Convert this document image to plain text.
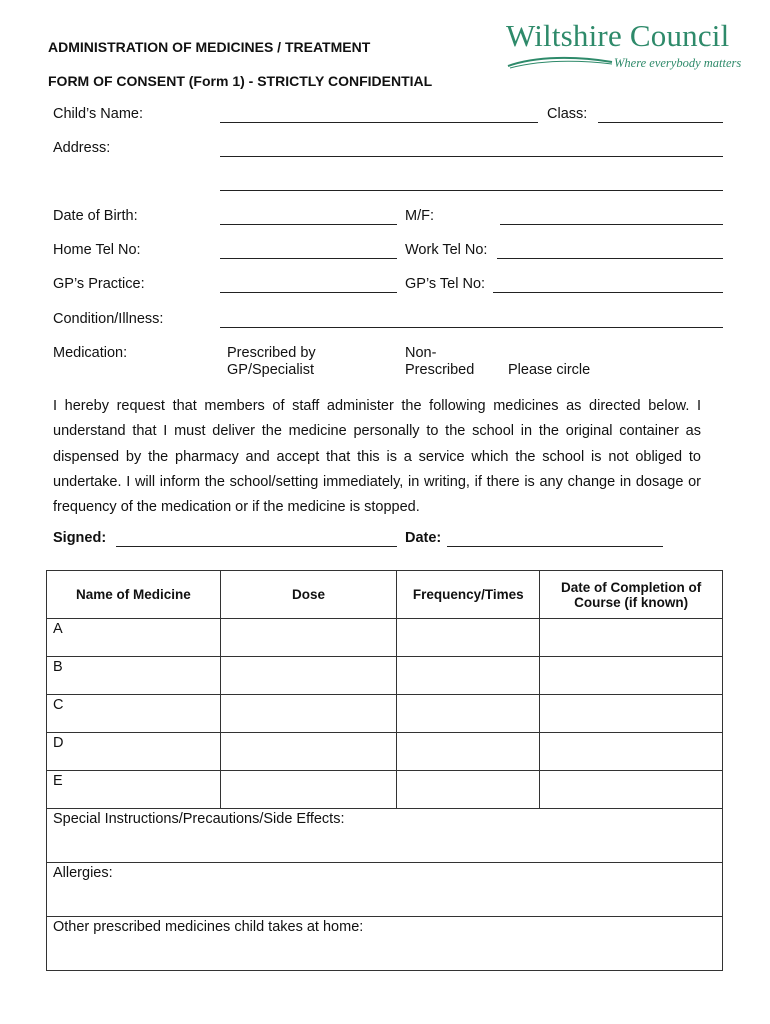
ADMINISTRATION OF MEDICINES / TREATMENT
FORM OF CONSENT (Form 1) - STRICTLY CONFIDENTIAL
Wiltshire Council
Where everybody matters
Child’s Name:	Class:
Address:
Date of Birth:	M/F:
Home Tel No:	Work Tel No:
GP’s Practice:	GP’s Tel No:
Condition/Illness:
Medication:	Prescribed by
GP/Specialist
Non-
Prescribed Please circle
I hereby request that members of staff administer the following medicines as directed below. I understand that I must deliver the medicine personally to the school in the original container as dispensed by the pharmacy and accept that this is a service which the school is not obliged to undertake. I will inform the school/setting immediately, in writing, if there is any change in dosage or frequency of the medication or if the medicine is stopped.
Signed:	Date:
Name of Medicine	Dose	Frequency/Times	Date of Completion of Course (if known)
A			
B			
C			
D			
E			
Special Instructions/Precautions/Side Effects:			
Allergies:			
Other prescribed medicines child takes at home:			
